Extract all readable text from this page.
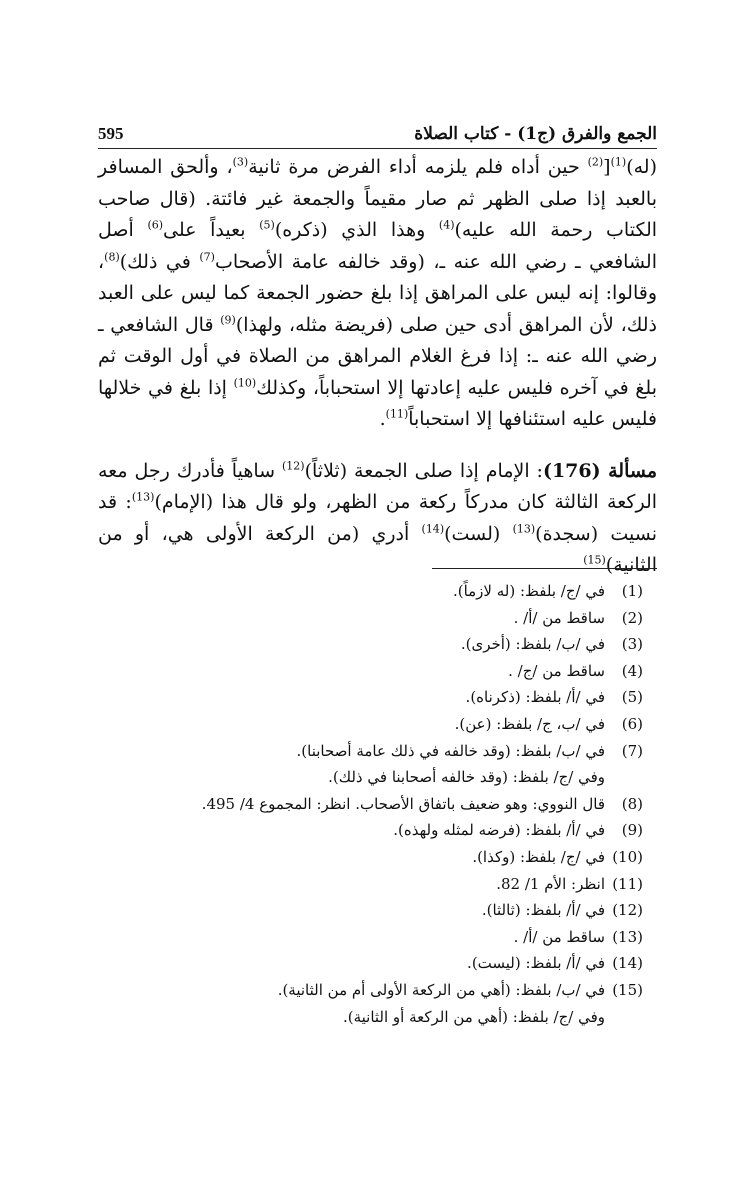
الجمع والفرق (ج1) - كتاب الصلاة
595

(له)$^{(1)}$[$^{(2)}$ حين أداه فلم يلزمه أداء الفرض مرة ثانية$^{(3)}$، وألحق المسافر بالعبد إذا صلى الظهر ثم صار مقيماً والجمعة غير فائتة. (قال صاحب الكتاب رحمة الله عليه)$^{(4)}$ وهذا الذي (ذكره)$^{(5)}$ بعيداً على$^{(6)}$ أصل الشافعي ـ رضي الله عنه ـ، (وقد خالفه عامة الأصحاب$^{(7)}$ في ذلك)$^{(8)}$، وقالوا: إنه ليس على المراهق إذا بلغ حضور الجمعة كما ليس على العبد ذلك، لأن المراهق أدى حين صلى (فريضة مثله، ولهذا)$^{(9)}$ قال الشافعي ـ رضي الله عنه ـ: إذا فرغ الغلام المراهق من الصلاة في أول الوقت ثم بلغ في آخره فليس عليه إعادتها إلا استحباباً، وكذلك$^{(10)}$ إذا بلغ في خلالها فليس عليه استئنافها إلا استحباباً$^{(11)}$.

مسألة (176): الإمام إذا صلى الجمعة (ثلاثاً)$^{(12)}$ ساهياً فأدرك رجل معه الركعة الثالثة كان مدركاً ركعة من الظهر، ولو قال هذا (الإمام)$^{(13)}$: قد نسيت (سجدة)$^{(13)}$ (لست)$^{(14)}$ أدري (من الركعة الأولى هي، أو من الثانية)$^{(15)}$

(1)
في /ج/ بلفظ: (له لازماً).
(2)
ساقط من /أ/ .
(3)
في /ب/ بلفظ: (أخرى).
(4)
ساقط من /ج/ .
(5)
في /أ/ بلفظ: (ذكرناه).
(6)
في /ب، ج/ بلفظ: (عن).
(7)
في /ب/ بلفظ: (وقد خالفه في ذلك عامة أصحابنا).
وفي /ج/ بلفظ: (وقد خالفه أصحابنا في ذلك).
(8)
قال النووي: وهو ضعيف باتفاق الأصحاب. انظر: المجموع 4/ 495.
(9)
في /أ/ بلفظ: (فرضه لمثله ولهذه).
(10)
في /ج/ بلفظ: (وكذا).
(11)
انظر: الأم 1/ 82.
(12)
في /أ/ بلفظ: (ثالثا).
(13)
ساقط من /أ/ .
(14)
في /أ/ بلفظ: (ليست).
(15)
في /ب/ بلفظ: (أهي من الركعة الأولى أم من الثانية).
وفي /ج/ بلفظ: (أهي من الركعة أو الثانية).
